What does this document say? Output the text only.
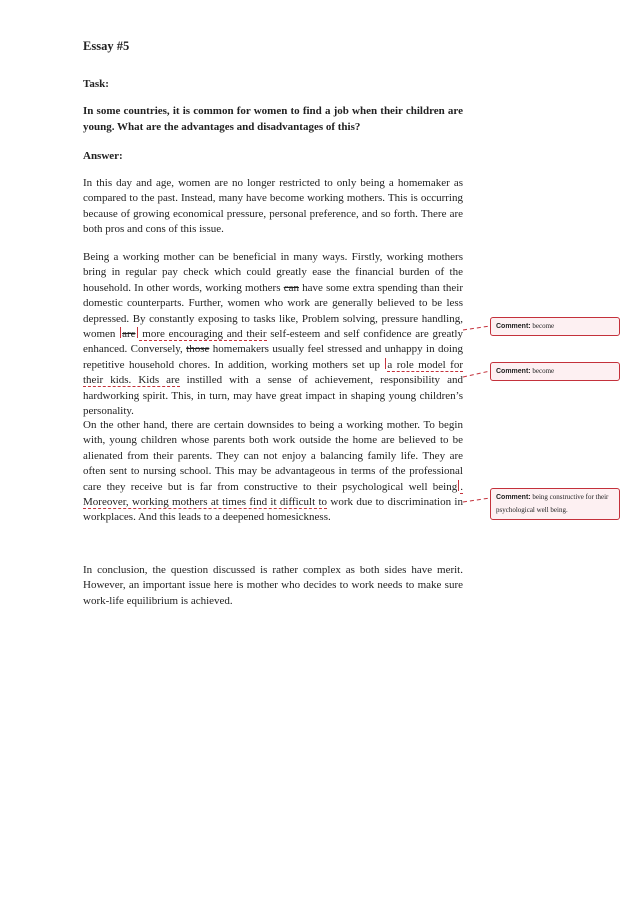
Essay #5
Task:
In some countries, it is common for women to find a job when their children are young. What are the advantages and disadvantages of this?
Answer:
In this day and age, women are no longer restricted to only being a homemaker as compared to the past. Instead, many have become working mothers. This is occurring because of growing economical pressure, personal preference, and so forth. There are both pros and cons of this issue.
Being a working mother can be beneficial in many ways. Firstly, working mothers bring in regular pay check which could greatly ease the financial burden of the household. In other words, working mothers can have some extra spending than their domestic counterparts. Further, women who work are generally believed to be less depressed. By constantly exposing to tasks like, Problem solving, pressure handling, women are more encouraging and their self-esteem and self confidence are greatly enhanced. Conversely, those homemakers usually feel stressed and unhappy in doing repetitive household chores. In addition, working mothers set up a role model for their kids. Kids are instilled with a sense of achievement, responsibility and hardworking spirit. This, in turn, may have great impact in shaping young children’s personality.
On the other hand, there are certain downsides to being a working mother. To begin with, young children whose parents both work outside the home are believed to be alienated from their parents. They can not enjoy a balancing family life. They are often sent to nursing school. This may be advantageous in terms of the professional care they receive but is far from constructive to their psychological well being . Moreover, working mothers at times find it difficult to work due to discrimination in workplaces. And this leads to a deepened homesickness.
In conclusion, the question discussed is rather complex as both sides have merit. However, an important issue here is mother who decides to work needs to make sure work-life equilibrium is achieved.
Comment: become
Comment: become
Comment: being constructive for their psychological well being.
